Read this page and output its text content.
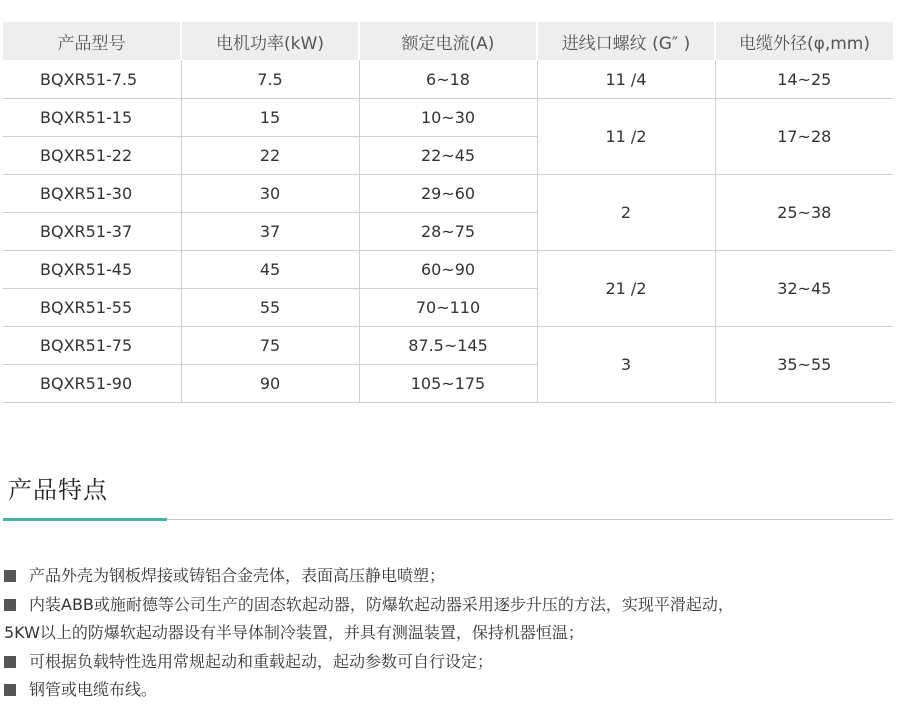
产品型号	电机功率(kW)	额定电流(A)	进线口螺纹 (G″ )	电缆外径(φ,mm)
BQXR51-7.5	7.5	6~18	11 /4	14~25
BQXR51-15	15	10~30	11 /2	17~28
BQXR51-22	22	22~45		
BQXR51-30	30	29~60	2	25~38
BQXR51-37	37	28~75		
BQXR51-45	45	60~90	21 /2	32~45
BQXR51-55	55	70~110		
BQXR51-75	75	87.5~145	3	35~55
BQXR51-90	90	105~175		
产品特点
产品外壳为钢板焊接或铸铝合金壳体，表面高压静电喷塑；
内装ABB或施耐德等公司生产的固态软起动器，防爆软起动器采用逐步升压的方法，实现平滑起动，
5KW以上的防爆软起动器设有半导体制冷装置，并具有测温装置，保持机器恒温；
可根据负载特性选用常规起动和重载起动，起动参数可自行设定；
钢管或电缆布线。
